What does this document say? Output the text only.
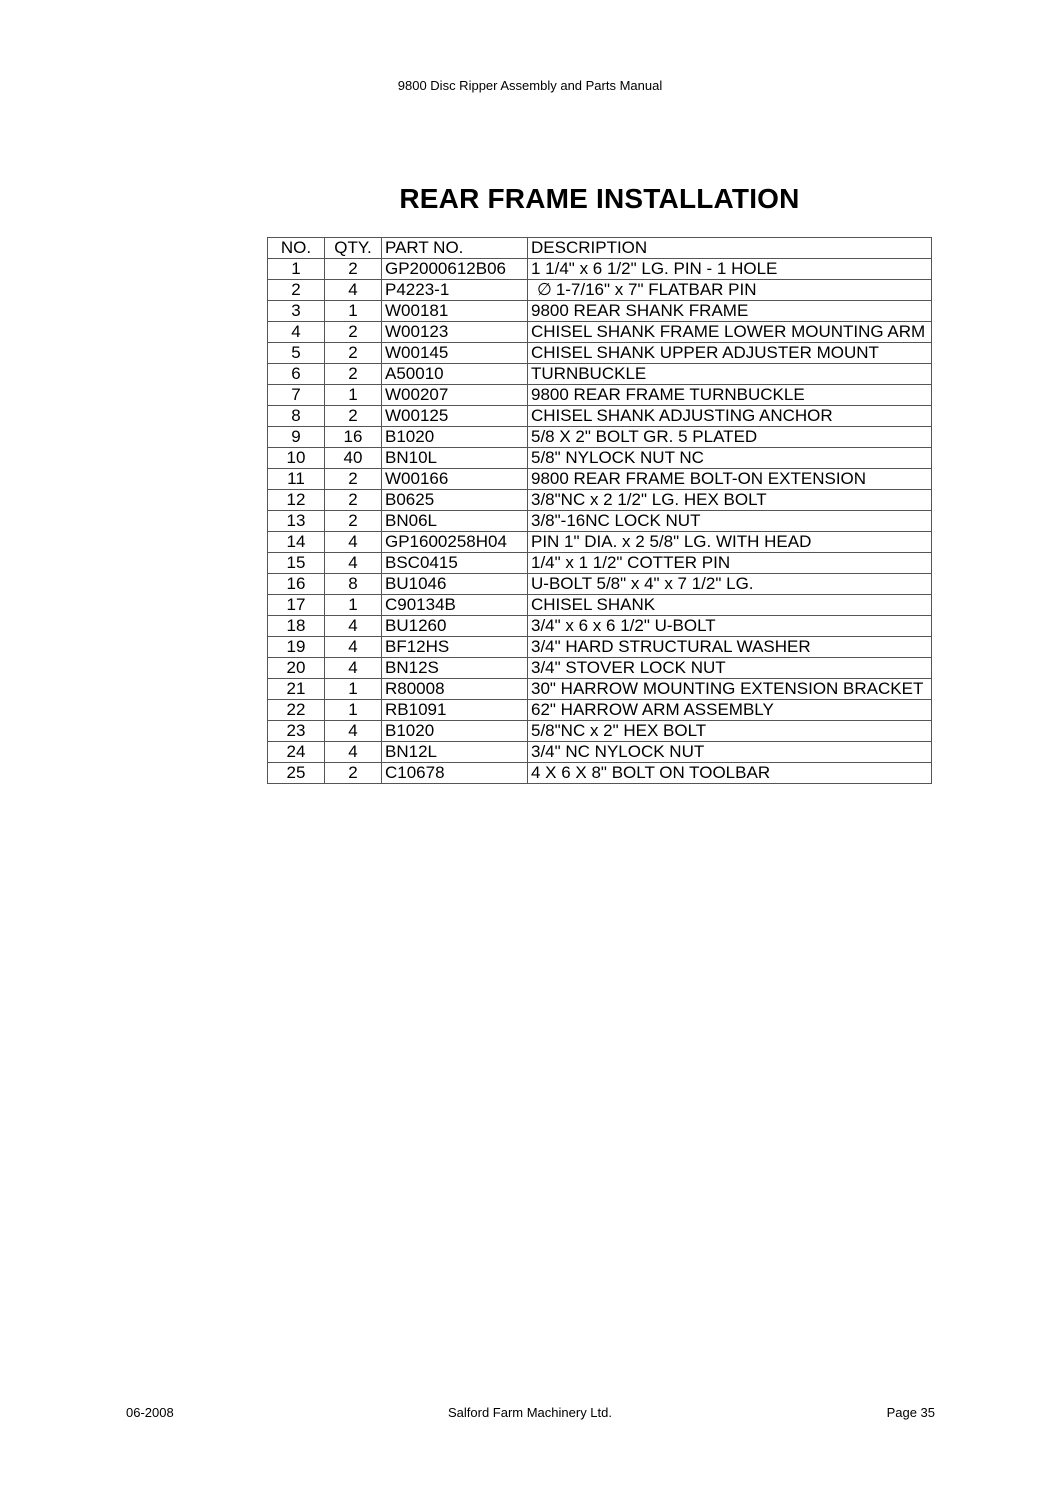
9800 Disc Ripper Assembly and Parts Manual
REAR FRAME INSTALLATION
NO.	QTY.	PART NO.	DESCRIPTION
1	2	GP2000612B06	1 1/4" x 6 1/2" LG. PIN - 1 HOLE
2	4	P4223-1	∅ 1-7/16" x 7" FLATBAR PIN
3	1	W00181	9800 REAR SHANK FRAME
4	2	W00123	CHISEL SHANK FRAME LOWER MOUNTING ARM
5	2	W00145	CHISEL SHANK UPPER ADJUSTER MOUNT
6	2	A50010	TURNBUCKLE
7	1	W00207	9800 REAR FRAME TURNBUCKLE
8	2	W00125	CHISEL SHANK ADJUSTING ANCHOR
9	16	B1020	5/8 X 2" BOLT GR. 5 PLATED
10	40	BN10L	5/8" NYLOCK NUT NC
11	2	W00166	9800 REAR FRAME BOLT-ON EXTENSION
12	2	B0625	3/8"NC x 2 1/2" LG. HEX BOLT
13	2	BN06L	3/8"-16NC LOCK NUT
14	4	GP1600258H04	PIN 1" DIA. x 2 5/8" LG. WITH HEAD
15	4	BSC0415	1/4" x 1 1/2" COTTER PIN
16	8	BU1046	U-BOLT 5/8" x 4" x 7 1/2" LG.
17	1	C90134B	CHISEL SHANK
18	4	BU1260	3/4" x 6 x 6 1/2" U-BOLT
19	4	BF12HS	3/4" HARD STRUCTURAL WASHER
20	4	BN12S	3/4" STOVER LOCK NUT
21	1	R80008	30" HARROW MOUNTING EXTENSION BRACKET
22	1	RB1091	62" HARROW ARM ASSEMBLY
23	4	B1020	5/8"NC x 2" HEX BOLT
24	4	BN12L	3/4" NC NYLOCK NUT
25	2	C10678	4 X 6 X 8" BOLT ON TOOLBAR
06-2008	Salford Farm Machinery Ltd.	Page 35
